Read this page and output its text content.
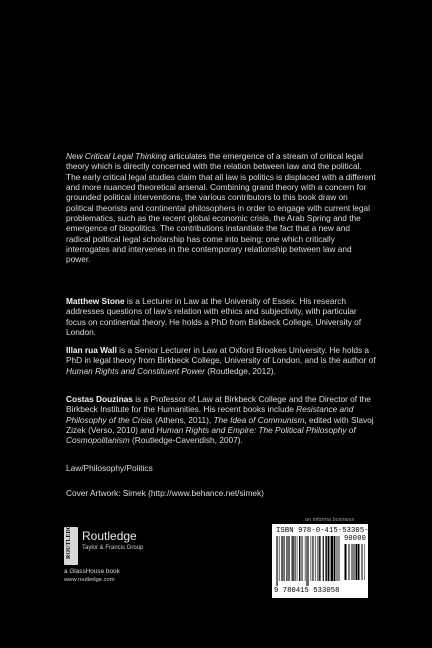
New Critical Legal Thinking articulates the emergence of a stream of critical legal theory which is directly concerned with the relation between law and the political. The early critical legal studies claim that all law is politics is displaced with a different and more nuanced theoretical arsenal. Combining grand theory with a concern for grounded political interventions, the various contributors to this book draw on political theorists and continental philosophers in order to engage with current legal problematics, such as the recent global economic crisis, the Arab Spring and the emergence of biopolitics. The contributions instantiate the fact that a new and radical political legal scholarship has come into being: one which critically interrogates and intervenes in the contemporary relationship between law and power.

Matthew Stone is a Lecturer in Law at the University of Essex. His research addresses questions of law’s relation with ethics and subjectivity, with particular focus on continental theory. He holds a PhD from Birkbeck College, University of London.

Illan rua Wall is a Senior Lecturer in Law at Oxford Brookes University. He holds a PhD in legal theory from Birkbeck College, University of London, and is the author of Human Rights and Constituent Power (Routledge, 2012).

Costas Douzinas is a Professor of Law at Birkbeck College and the Director of the Birkbeck Institute for the Humanities. His recent books include Resistance and Philosophy of the Crisis (Athens, 2011), The Idea of Communism, edited with Slavoj Zizek (Verso, 2010) and Human Rights and Empire: The Political Philosophy of Cosmopolitanism (Routledge-Cavendish, 2007).

Law/Philosophy/Politics

Cover Artwork: Simek (http://www.behance.net/simek)

ROUTLEDGE Routledge
Taylor & Francis Group
a GlassHouse book
www.routledge.com
an informa business
ISBN 978-0-415-53305-8
90000
9 780415 533058
